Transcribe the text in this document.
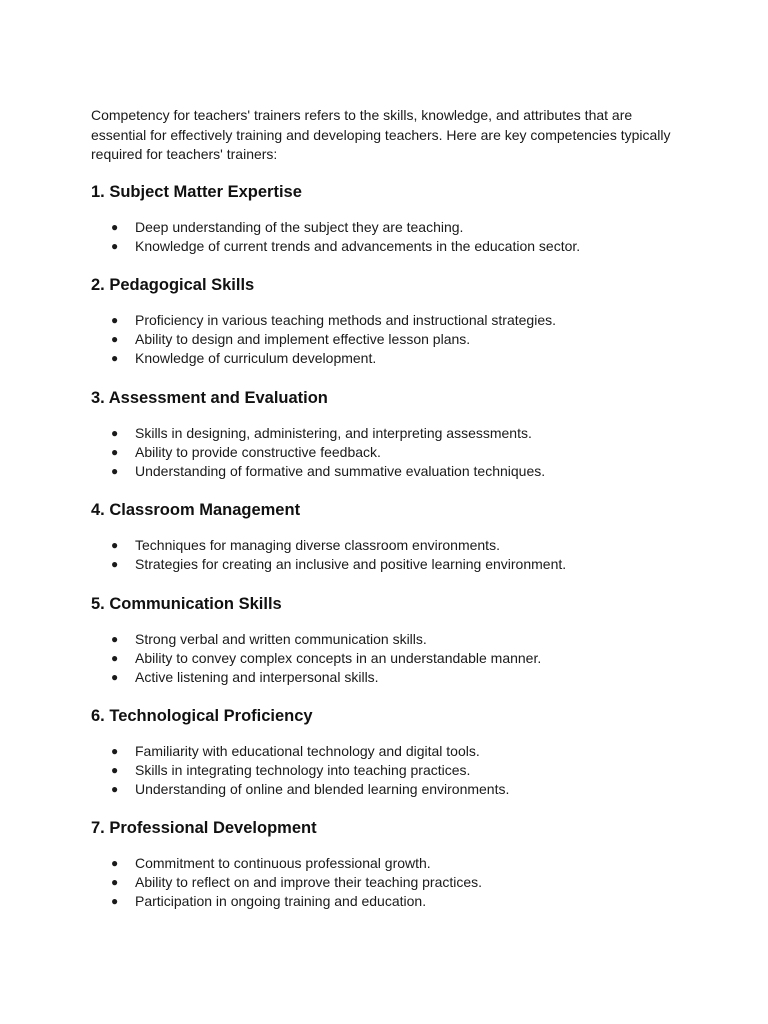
Competency for teachers' trainers refers to the skills, knowledge, and attributes that are essential for effectively training and developing teachers. Here are key competencies typically required for teachers' trainers:

1. Subject Matter Expertise
● Deep understanding of the subject they are teaching.
● Knowledge of current trends and advancements in the education sector.
2. Pedagogical Skills
● Proficiency in various teaching methods and instructional strategies.
● Ability to design and implement effective lesson plans.
● Knowledge of curriculum development.
3. Assessment and Evaluation
● Skills in designing, administering, and interpreting assessments.
● Ability to provide constructive feedback.
● Understanding of formative and summative evaluation techniques.
4. Classroom Management
● Techniques for managing diverse classroom environments.
● Strategies for creating an inclusive and positive learning environment.
5. Communication Skills
● Strong verbal and written communication skills.
● Ability to convey complex concepts in an understandable manner.
● Active listening and interpersonal skills.
6. Technological Proficiency
● Familiarity with educational technology and digital tools.
● Skills in integrating technology into teaching practices.
● Understanding of online and blended learning environments.
7. Professional Development
● Commitment to continuous professional growth.
● Ability to reflect on and improve their teaching practices.
● Participation in ongoing training and education.
